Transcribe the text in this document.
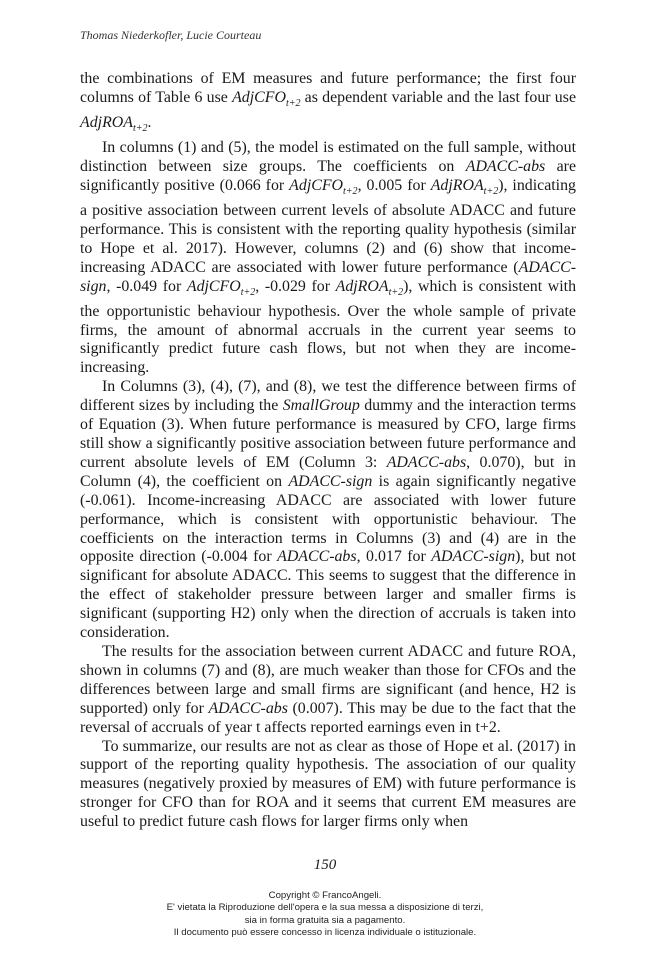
Thomas Niederkofler, Lucie Courteau

the combinations of EM measures and future performance; the first four columns of Table 6 use AdjCFO$_{t+2}$ as dependent variable and the last four use AdjROA$_{t+2}$.

In columns (1) and (5), the model is estimated on the full sample, without distinction between size groups. The coefficients on ADACC-abs are significantly positive (0.066 for AdjCFO$_{t+2}$, 0.005 for AdjROA$_{t+2}$), indicating a positive association between current levels of absolute ADACC and future performance. This is consistent with the reporting quality hypothesis (similar to Hope et al. 2017). However, columns (2) and (6) show that income-increasing ADACC are associated with lower future performance (ADACC-sign, -0.049 for AdjCFO$_{t+2}$, -0.029 for AdjROA$_{t+2}$), which is consistent with the opportunistic behaviour hypothesis. Over the whole sample of private firms, the amount of abnormal accruals in the current year seems to significantly predict future cash flows, but not when they are income-increasing.

In Columns (3), (4), (7), and (8), we test the difference between firms of different sizes by including the SmallGroup dummy and the interaction terms of Equation (3). When future performance is measured by CFO, large firms still show a significantly positive association between future performance and current absolute levels of EM (Column 3: ADACC-abs, 0.070), but in Column (4), the coefficient on ADACC-sign is again significantly negative (-0.061). Income-increasing ADACC are associated with lower future performance, which is consistent with opportunistic behaviour. The coefficients on the interaction terms in Columns (3) and (4) are in the opposite direction (-0.004 for ADACC-abs, 0.017 for ADACC-sign), but not significant for absolute ADACC. This seems to suggest that the difference in the effect of stakeholder pressure between larger and smaller firms is significant (supporting H2) only when the direction of accruals is taken into consideration.

The results for the association between current ADACC and future ROA, shown in columns (7) and (8), are much weaker than those for CFOs and the differences between large and small firms are significant (and hence, H2 is supported) only for ADACC-abs (0.007). This may be due to the fact that the reversal of accruals of year t affects reported earnings even in t+2.

To summarize, our results are not as clear as those of Hope et al. (2017) in support of the reporting quality hypothesis. The association of our quality measures (negatively proxied by measures of EM) with future performance is stronger for CFO than for ROA and it seems that current EM measures are useful to predict future cash flows for larger firms only when

150
Copyright © FrancoAngeli.
E' vietata la Riproduzione dell'opera e la sua messa a disposizione di terzi,
sia in forma gratuita sia a pagamento.
Il documento può essere concesso in licenza individuale o istituzionale.
